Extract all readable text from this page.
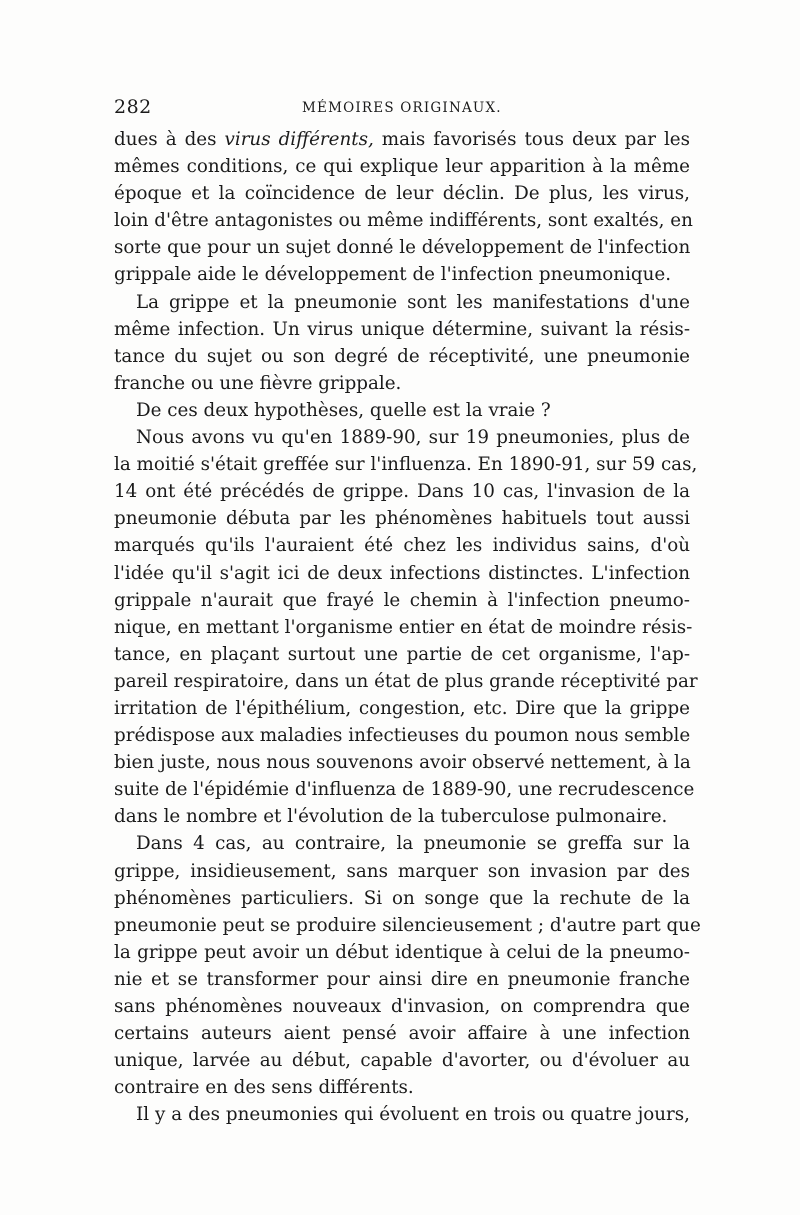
282	MÉMOIRES ORIGINAUX.
dues à des virus différents, mais favorisés tous deux par les
mêmes conditions, ce qui explique leur apparition à la même
époque et la coïncidence de leur déclin. De plus, les virus,
loin d'être antagonistes ou même indifférents, sont exaltés, en
sorte que pour un sujet donné le développement de l'infection
grippale aide le développement de l'infection pneumonique.
La grippe et la pneumonie sont les manifestations d'une
même infection. Un virus unique détermine, suivant la résis-
tance du sujet ou son degré de réceptivité, une pneumonie
franche ou une fièvre grippale.
De ces deux hypothèses, quelle est la vraie ?
Nous avons vu qu'en 1889-90, sur 19 pneumonies, plus de
la moitié s'était greffée sur l'influenza. En 1890-91, sur 59 cas,
14 ont été précédés de grippe. Dans 10 cas, l'invasion de la
pneumonie débuta par les phénomènes habituels tout aussi
marqués qu'ils l'auraient été chez les individus sains, d'où
l'idée qu'il s'agit ici de deux infections distinctes. L'infection
grippale n'aurait que frayé le chemin à l'infection pneumo-
nique, en mettant l'organisme entier en état de moindre résis-
tance, en plaçant surtout une partie de cet organisme, l'ap-
pareil respiratoire, dans un état de plus grande réceptivité par
irritation de l'épithélium, congestion, etc. Dire que la grippe
prédispose aux maladies infectieuses du poumon nous semble
bien juste, nous nous souvenons avoir observé nettement, à la
suite de l'épidémie d'influenza de 1889-90, une recrudescence
dans le nombre et l'évolution de la tuberculose pulmonaire.
Dans 4 cas, au contraire, la pneumonie se greffa sur la
grippe, insidieusement, sans marquer son invasion par des
phénomènes particuliers. Si on songe que la rechute de la
pneumonie peut se produire silencieusement ; d'autre part que
la grippe peut avoir un début identique à celui de la pneumo-
nie et se transformer pour ainsi dire en pneumonie franche
sans phénomènes nouveaux d'invasion, on comprendra que
certains auteurs aient pensé avoir affaire à une infection
unique, larvée au début, capable d'avorter, ou d'évoluer au
contraire en des sens différents.
Il y a des pneumonies qui évoluent en trois ou quatre jours,
